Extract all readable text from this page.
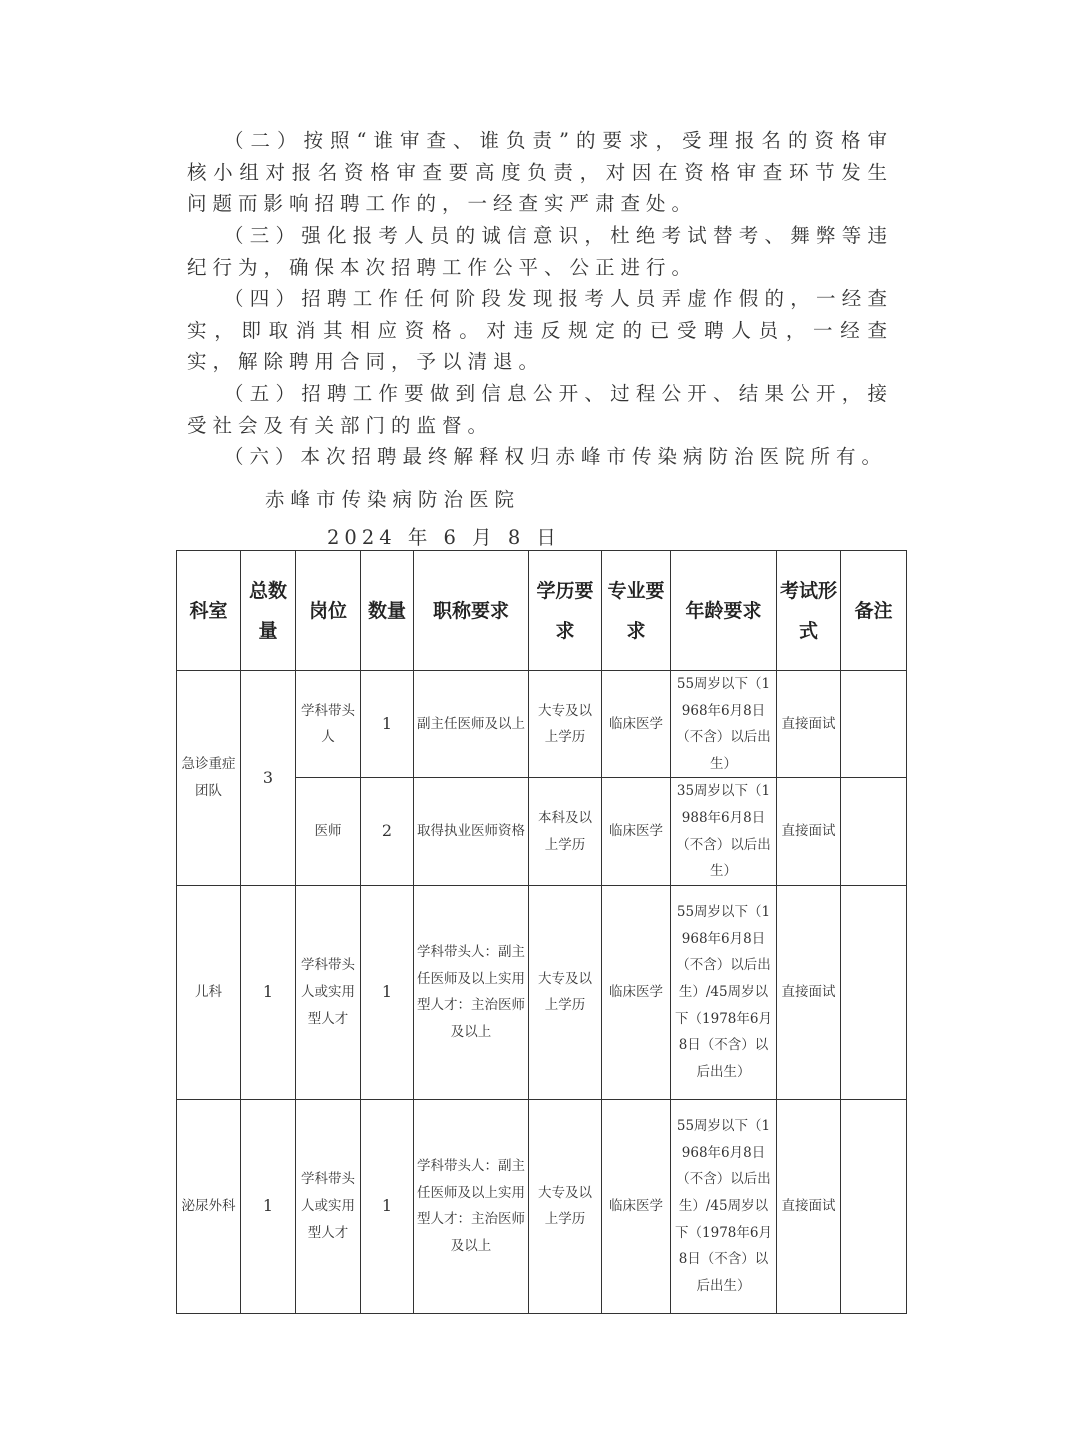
（二）按照“谁审查、谁负责”的要求，受理报名的资格审核小组对报名资格审查要高度负责，对因在资格审查环节发生问题而影响招聘工作的，一经查实严肃查处。

（三）强化报考人员的诚信意识，杜绝考试替考、舞弊等违纪行为，确保本次招聘工作公平、公正进行。

（四）招聘工作任何阶段发现报考人员弄虚作假的，一经查实，即取消其相应资格。对违反规定的已受聘人员，一经查实，解除聘用合同，予以清退。

（五）招聘工作要做到信息公开、过程公开、结果公开，接受社会及有关部门的监督。

（六）本次招聘最终解释权归赤峰市传染病防治医院所有。

赤峰市传染病防治医院

2024 年 6 月 8 日

科室	总数量	岗位	数量	职称要求	学历要求	专业要求	年龄要求	考试形式	备注
急诊重症团队	3	学科带头人	1	副主任医师及以上	大专及以上学历	临床医学	55周岁以下（1968年6月8日（不含）以后出生）	直接面试	
		医师	2	取得执业医师资格	本科及以上学历	临床医学	35周岁以下（1988年6月8日（不含）以后出生）	直接面试	
儿科	1	学科带头人或实用型人才	1	学科带头人：副主任医师及以上实用型人才：主治医师及以上	大专及以上学历	临床医学	55周岁以下（1968年6月8日（不含）以后出生）/45周岁以下（1978年6月8日（不含）以后出生）	直接面试	
泌尿外科	1	学科带头人或实用型人才	1	学科带头人：副主任医师及以上实用型人才：主治医师及以上	大专及以上学历	临床医学	55周岁以下（1968年6月8日（不含）以后出生）/45周岁以下（1978年6月8日（不含）以后出生）	直接面试	
